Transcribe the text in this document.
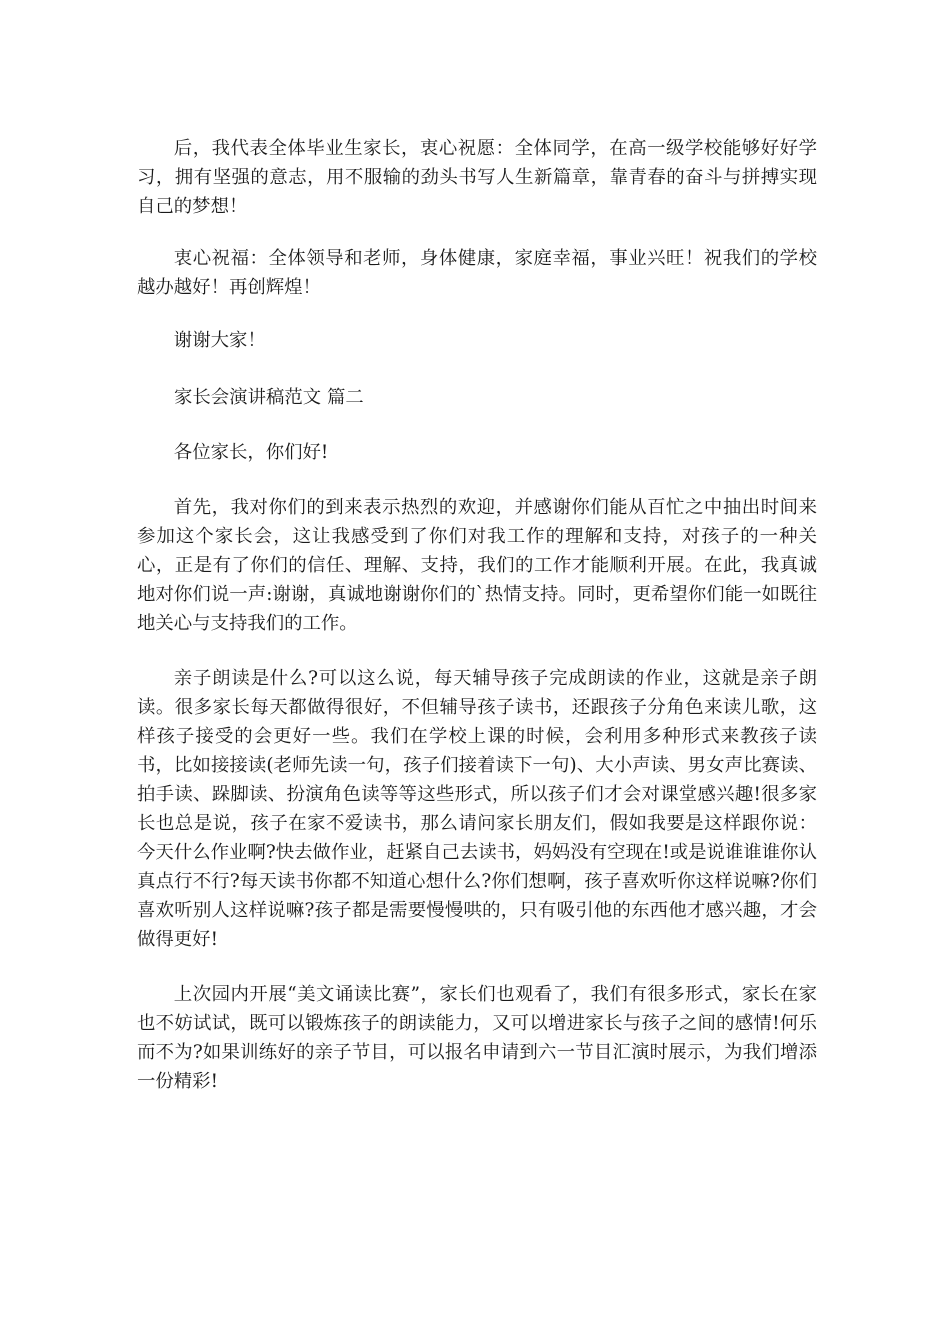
后，我代表全体毕业生家长，衷心祝愿：全体同学，在高一级学校能够好好学习，拥有坚强的意志，用不服输的劲头书写人生新篇章，靠青春的奋斗与拼搏实现自己的梦想！

衷心祝福：全体领导和老师，身体健康，家庭幸福，事业兴旺！祝我们的学校越办越好！再创辉煌！

谢谢大家！

家长会演讲稿范文 篇二

各位家长，你们好!

首先，我对你们的到来表示热烈的欢迎，并感谢你们能从百忙之中抽出时间来参加这个家长会，这让我感受到了你们对我工作的理解和支持，对孩子的一种关心，正是有了你们的信任、理解、支持，我们的工作才能顺利开展。在此，我真诚地对你们说一声:谢谢，真诚地谢谢你们的`热情支持。同时，更希望你们能一如既往地关心与支持我们的工作。

亲子朗读是什么?可以这么说，每天辅导孩子完成朗读的作业，这就是亲子朗读。很多家长每天都做得很好，不但辅导孩子读书，还跟孩子分角色来读儿歌，这样孩子接受的会更好一些。我们在学校上课的时候，会利用多种形式来教孩子读书，比如接接读(老师先读一句，孩子们接着读下一句)、大小声读、男女声比赛读、拍手读、跺脚读、扮演角色读等等这些形式，所以孩子们才会对课堂感兴趣!很多家长也总是说，孩子在家不爱读书，那么请问家长朋友们，假如我要是这样跟你说：今天什么作业啊?快去做作业，赶紧自己去读书，妈妈没有空现在!或是说谁谁谁你认真点行不行?每天读书你都不知道心想什么?你们想啊，孩子喜欢听你这样说嘛?你们喜欢听别人这样说嘛?孩子都是需要慢慢哄的，只有吸引他的东西他才感兴趣，才会做得更好!

上次园内开展“美文诵读比赛”，家长们也观看了，我们有很多形式，家长在家也不妨试试，既可以锻炼孩子的朗读能力，又可以增进家长与孩子之间的感情!何乐而不为?如果训练好的亲子节目，可以报名申请到六一节目汇演时展示，为我们增添一份精彩!
